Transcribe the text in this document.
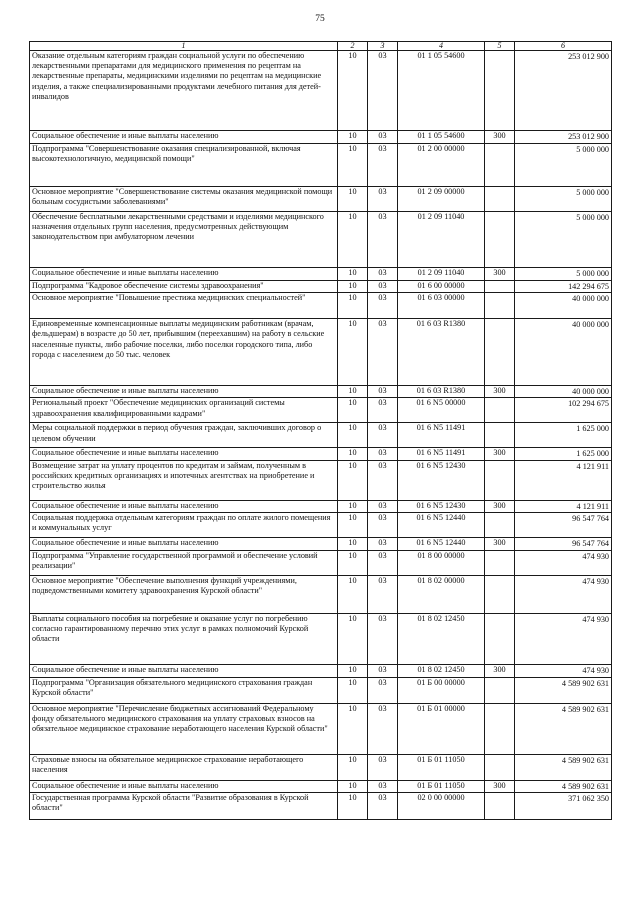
75
1	2	3	4	5	6
Оказание отдельным категориям граждан социальной услуги по обеспечению лекарственными препаратами для медицинского применения по рецептам на лекарственные препараты, медицинскими изделиями по рецептам на медицинские изделия, а также специализированными продуктами лечебного питания для детей-инвалидов	10	03	01 1 05 54600		253 012 900
Социальное обеспечение и иные выплаты населению	10	03	01 1 05 54600	300	253 012 900
Подпрограмма "Совершенствование оказания специализированной, включая высокотехнологичную, медицинской помощи"	10	03	01 2 00 00000		5 000 000
Основное мероприятие "Совершенствование системы оказания медицинской помощи больным сосудистыми заболеваниями"	10	03	01 2 09 00000		5 000 000
Обеспечение бесплатными лекарственными средствами и изделиями медицинского назначения отдельных групп населения, предусмотренных действующим законодательством при амбулаторном лечении	10	03	01 2 09 11040		5 000 000
Социальное обеспечение и иные выплаты населению	10	03	01 2 09 11040	300	5 000 000
Подпрограмма "Кадровое обеспечение системы здравоохранения"	10	03	01 6 00 00000		142 294 675
Основное мероприятие "Повышение престижа медицинских специальностей"	10	03	01 6 03 00000		40 000 000
Единовременные компенсационные выплаты медицинским работникам (врачам, фельдшерам) в возрасте до 50 лет, прибывшим (переехавшим) на работу в сельские населенные пункты, либо рабочие поселки, либо поселки городского типа, либо города с населением до 50 тыс. человек	10	03	01 6 03 R1380		40 000 000
Социальное обеспечение и иные выплаты населению	10	03	01 6 03 R1380	300	40 000 000
Региональный проект "Обеспечение медицинских организаций системы здравоохранения квалифицированными кадрами"	10	03	01 6 N5 00000		102 294 675
Меры социальной поддержки в период обучения граждан, заключивших договор о целевом обучении	10	03	01 6 N5 11491		1 625 000
Социальное обеспечение и иные выплаты населению	10	03	01 6 N5 11491	300	1 625 000
Возмещение затрат на уплату процентов по кредитам и займам, полученным в российских кредитных организациях и ипотечных агентствах на приобретение и строительство жилья	10	03	01 6 N5 12430		4 121 911
Социальное обеспечение и иные выплаты населению	10	03	01 6 N5 12430	300	4 121 911
Социальная поддержка отдельным категориям граждан по оплате жилого помещения и коммунальных услуг	10	03	01 6 N5 12440		96 547 764
Социальное обеспечение и иные выплаты населению	10	03	01 6 N5 12440	300	96 547 764
Подпрограмма "Управление государственной программой и обеспечение условий реализации"	10	03	01 8 00 00000		474 930
Основное мероприятие "Обеспечение выполнения функций учреждениями, подведомственными комитету здравоохранения Курской области"	10	03	01 8 02 00000		474 930
Выплаты социального пособия на погребение и оказание услуг по погребению согласно гарантированному перечню этих услуг в рамках полномочий Курской области	10	03	01 8 02 12450		474 930
Социальное обеспечение и иные выплаты населению	10	03	01 8 02 12450	300	474 930
Подпрограмма "Организация обязательного медицинского страхования граждан Курской области"	10	03	01 Б 00 00000		4 589 902 631
Основное мероприятие "Перечисление бюджетных ассигнований Федеральному фонду обязательного медицинского страхования на уплату страховых взносов на обязательное медицинское страхование неработающего населения Курской области"	10	03	01 Б 01 00000		4 589 902 631
Страховые взносы на обязательное медицинское страхование неработающего населения	10	03	01 Б 01 11050		4 589 902 631
Социальное обеспечение и иные выплаты населению	10	03	01 Б 01 11050	300	4 589 902 631
Государственная программа Курской области "Развитие образования в Курской области"	10	03	02 0 00 00000		371 062 350
